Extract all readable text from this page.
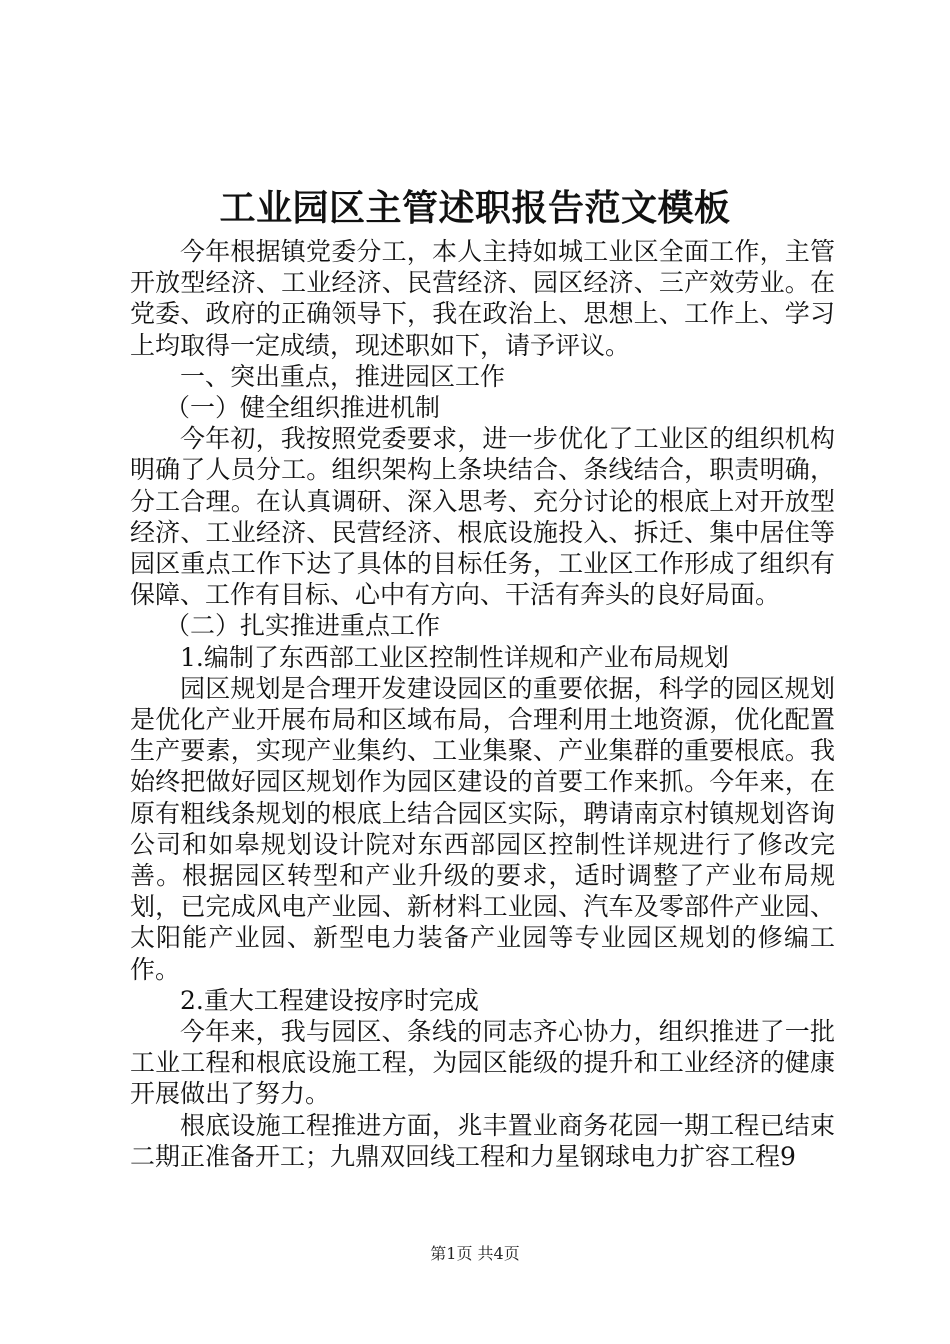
工业园区主管述职报告范文模板

今年根据镇党委分工，本人主持如城工业区全面工作，主管开放型经济、工业经济、民营经济、园区经济、三产效劳业。在党委、政府的正确领导下，我在政治上、思想上、工作上、学习上均取得一定成绩，现述职如下，请予评议。

一、突出重点，推进园区工作

（一）健全组织推进机制

今年初，我按照党委要求，进一步优化了工业区的组织机构明确了人员分工。组织架构上条块结合、条线结合，职责明确，分工合理。在认真调研、深入思考、充分讨论的根底上对开放型经济、工业经济、民营经济、根底设施投入、拆迁、集中居住等园区重点工作下达了具体的目标任务，工业区工作形成了组织有保障、工作有目标、心中有方向、干活有奔头的良好局面。

（二）扎实推进重点工作

1.编制了东西部工业区控制性详规和产业布局规划

园区规划是合理开发建设园区的重要依据，科学的园区规划是优化产业开展布局和区域布局，合理利用土地资源，优化配置生产要素，实现产业集约、工业集聚、产业集群的重要根底。我始终把做好园区规划作为园区建设的首要工作来抓。今年来，在原有粗线条规划的根底上结合园区实际，聘请南京村镇规划咨询公司和如皋规划设计院对东西部园区控制性详规进行了修改完善。根据园区转型和产业升级的要求，适时调整了产业布局规划，已完成风电产业园、新材料工业园、汽车及零部件产业园、太阳能产业园、新型电力装备产业园等专业园区规划的修编工作。

2.重大工程建设按序时完成

今年来，我与园区、条线的同志齐心协力，组织推进了一批工业工程和根底设施工程，为园区能级的提升和工业经济的健康开展做出了努力。

根底设施工程推进方面，兆丰置业商务花园一期工程已结束二期正准备开工；九鼎双回线工程和力星钢球电力扩容工程9

第1页 共4页
